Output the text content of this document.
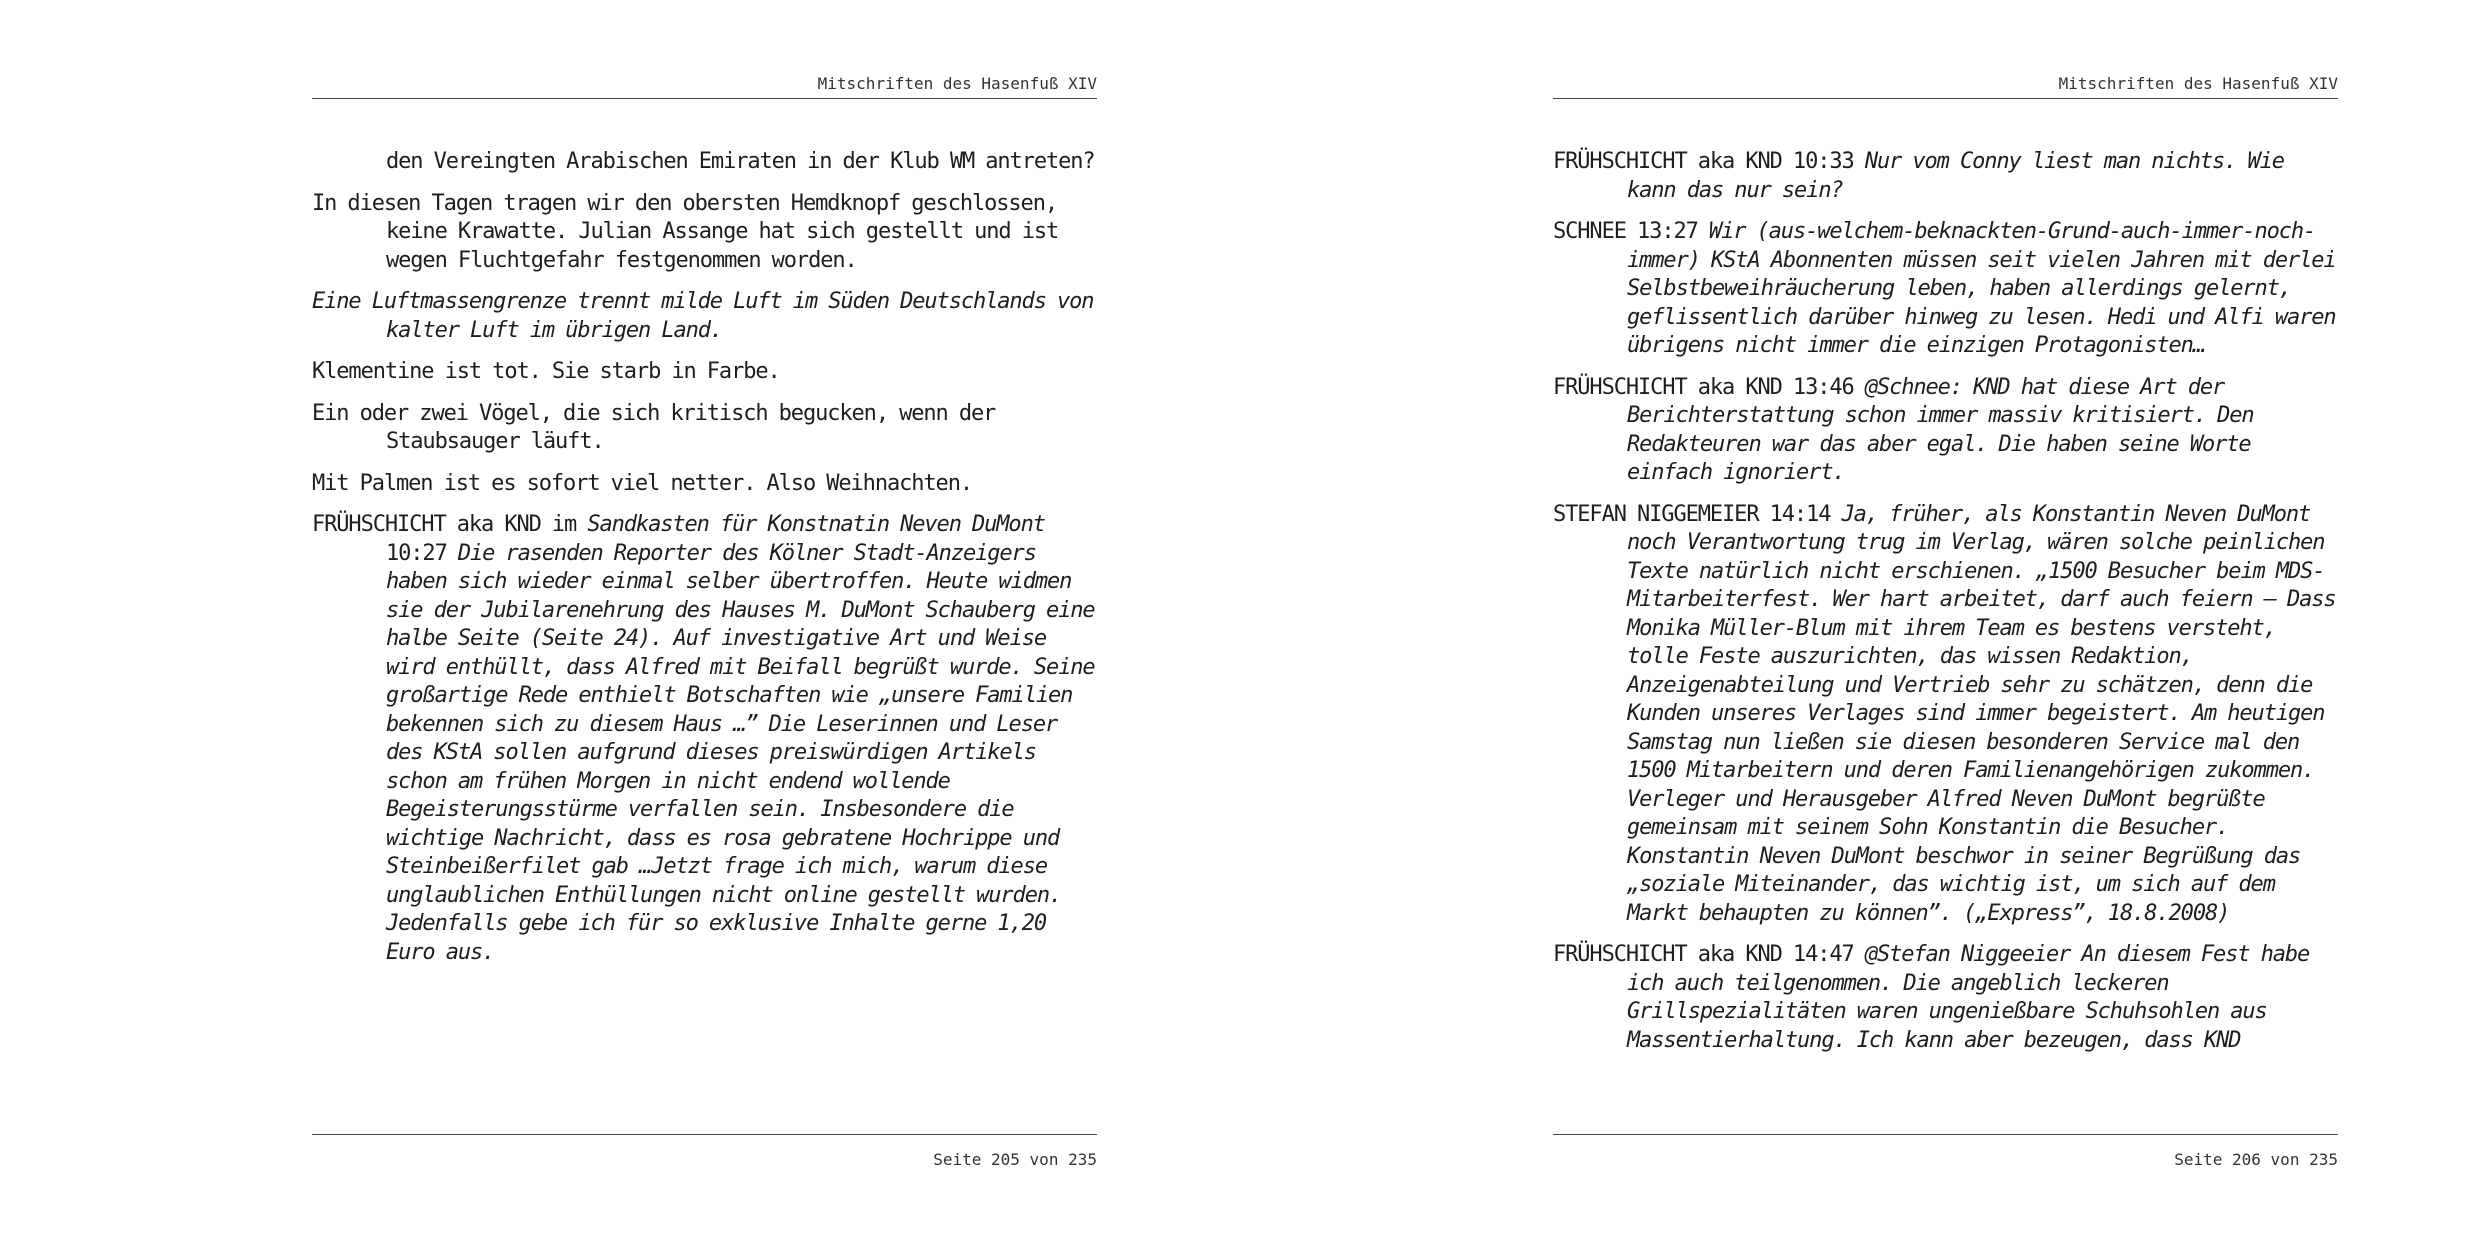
Mitschriften des Hasenfuß XIV

den Vereingten Arabischen Emiraten in der Klub WM antreten?

In diesen Tagen tragen wir den obersten Hemdknopf geschlossen, keine Krawatte. Julian Assange hat sich gestellt und ist wegen Fluchtgefahr festgenommen worden.

Eine Luftmassengrenze trennt milde Luft im Süden Deutschlands von kalter Luft im übrigen Land.

Klementine ist tot. Sie starb in Farbe.

Ein oder zwei Vögel, die sich kritisch begucken, wenn der Staubsauger läuft.

Mit Palmen ist es sofort viel netter. Also Weihnachten.

FRÜHSCHICHT aka KND im Sandkasten für Konstnatin Neven DuMont 10:27 Die rasenden Reporter des Kölner Stadt-Anzeigers haben sich wieder einmal selber übertroffen. Heute widmen sie der Jubilarenehrung des Hauses M. DuMont Schauberg eine halbe Seite (Seite 24). Auf investigative Art und Weise wird enthüllt, dass Alfred mit Beifall begrüßt wurde. Seine großartige Rede enthielt Botschaften wie „unsere Familien bekennen sich zu diesem Haus …” Die Leserinnen und Leser des KStA sollen aufgrund dieses preiswürdigen Artikels schon am frühen Morgen in nicht endend wollende Begeisterungsstürme verfallen sein. Insbesondere die wichtige Nachricht, dass es rosa gebratene Hochrippe und Steinbeißerfilet gab …Jetzt frage ich mich, warum diese unglaublichen Enthüllungen nicht online gestellt wurden. Jedenfalls gebe ich für so exklusive Inhalte gerne 1,20 Euro aus.

Seite 205 von 235
Mitschriften des Hasenfuß XIV

FRÜHSCHICHT aka KND 10:33 Nur vom Conny liest man nichts. Wie kann das nur sein?

SCHNEE 13:27 Wir (aus-welchem-beknackten-Grund-auch-immer-noch-immer) KStA Abonnenten müssen seit vielen Jahren mit derlei Selbstbeweihräucherung leben, haben allerdings gelernt, geflissentlich darüber hinweg zu lesen. Hedi und Alfi waren übrigens nicht immer die einzigen Protagonisten…

FRÜHSCHICHT aka KND 13:46 @Schnee: KND hat diese Art der Berichterstattung schon immer massiv kritisiert. Den Redakteuren war das aber egal. Die haben seine Worte einfach ignoriert.

STEFAN NIGGEMEIER 14:14 Ja, früher, als Konstantin Neven DuMont noch Verantwortung trug im Verlag, wären solche peinlichen Texte natürlich nicht erschienen. „1500 Besucher beim MDS-Mitarbeiterfest. Wer hart arbeitet, darf auch feiern – Dass Monika Müller-Blum mit ihrem Team es bestens versteht, tolle Feste auszurichten, das wissen Redaktion, Anzeigenabteilung und Vertrieb sehr zu schätzen, denn die Kunden unseres Verlages sind immer begeistert. Am heutigen Samstag nun ließen sie diesen besonderen Service mal den 1500 Mitarbeitern und deren Familienangehörigen zukommen. Verleger und Herausgeber Alfred Neven DuMont begrüßte gemeinsam mit seinem Sohn Konstantin die Besucher. Konstantin Neven DuMont beschwor in seiner Begrüßung das „soziale Miteinander, das wichtig ist, um sich auf dem Markt behaupten zu können”. („Express”, 18.8.2008)

FRÜHSCHICHT aka KND 14:47 @Stefan Niggeeier An diesem Fest habe ich auch teilgenommen. Die angeblich leckeren Grillspezialitäten waren ungenießbare Schuhsohlen aus Massentierhaltung. Ich kann aber bezeugen, dass KND

Seite 206 von 235
